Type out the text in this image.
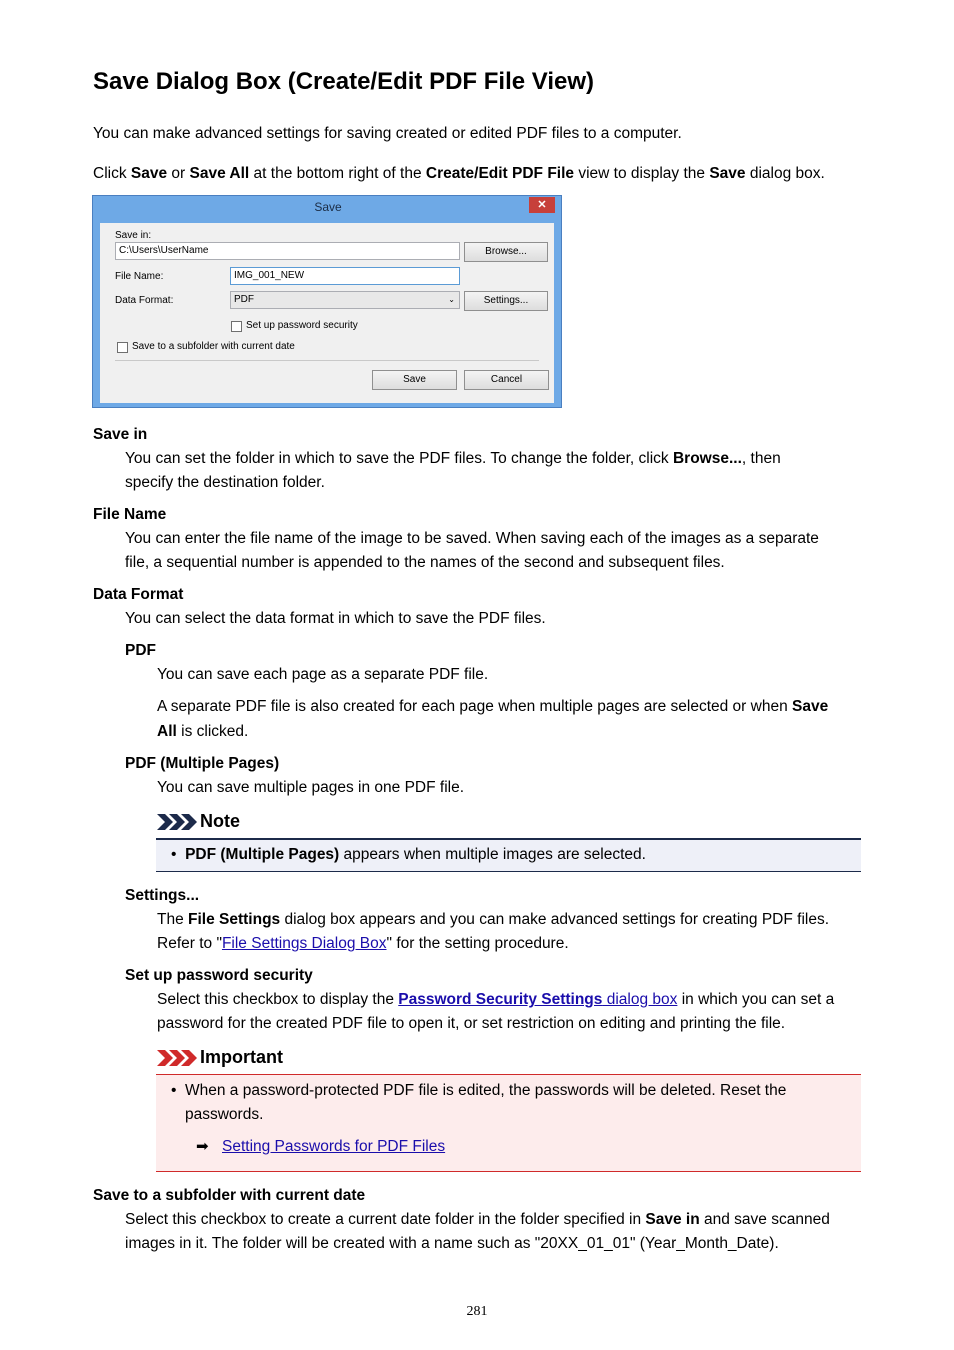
Save Dialog Box (Create/Edit PDF File View)
You can make advanced settings for saving created or edited PDF files to a computer.
Click Save or Save All at the bottom right of the Create/Edit PDF File view to display the Save dialog box.
Save	✕
Save in:
C:\Users\UserName	Browse...
File Name:	IMG_001_NEW
Data Format:	PDF	⌄	Settings...
Set up password security
Save to a subfolder with current date
Save	Cancel
Save in
You can set the folder in which to save the PDF files. To change the folder, click Browse..., then
specify the destination folder.
File Name
You can enter the file name of the image to be saved. When saving each of the images as a separate
file, a sequential number is appended to the names of the second and subsequent files.
Data Format
You can select the data format in which to save the PDF files.
PDF
You can save each page as a separate PDF file.
A separate PDF file is also created for each page when multiple pages are selected or when Save
All is clicked.
PDF (Multiple Pages)
You can save multiple pages in one PDF file.
Note
• PDF (Multiple Pages) appears when multiple images are selected.
Settings...
The File Settings dialog box appears and you can make advanced settings for creating PDF files.
Refer to "File Settings Dialog Box" for the setting procedure.
Set up password security
Select this checkbox to display the Password Security Settings dialog box in which you can set a
password for the created PDF file to open it, or set restriction on editing and printing the file.
Important
• When a password-protected PDF file is edited, the passwords will be deleted. Reset the
passwords.
➡ Setting Passwords for PDF Files
Save to a subfolder with current date
Select this checkbox to create a current date folder in the folder specified in Save in and save scanned
images in it. The folder will be created with a name such as "20XX_01_01" (Year_Month_Date).
281
